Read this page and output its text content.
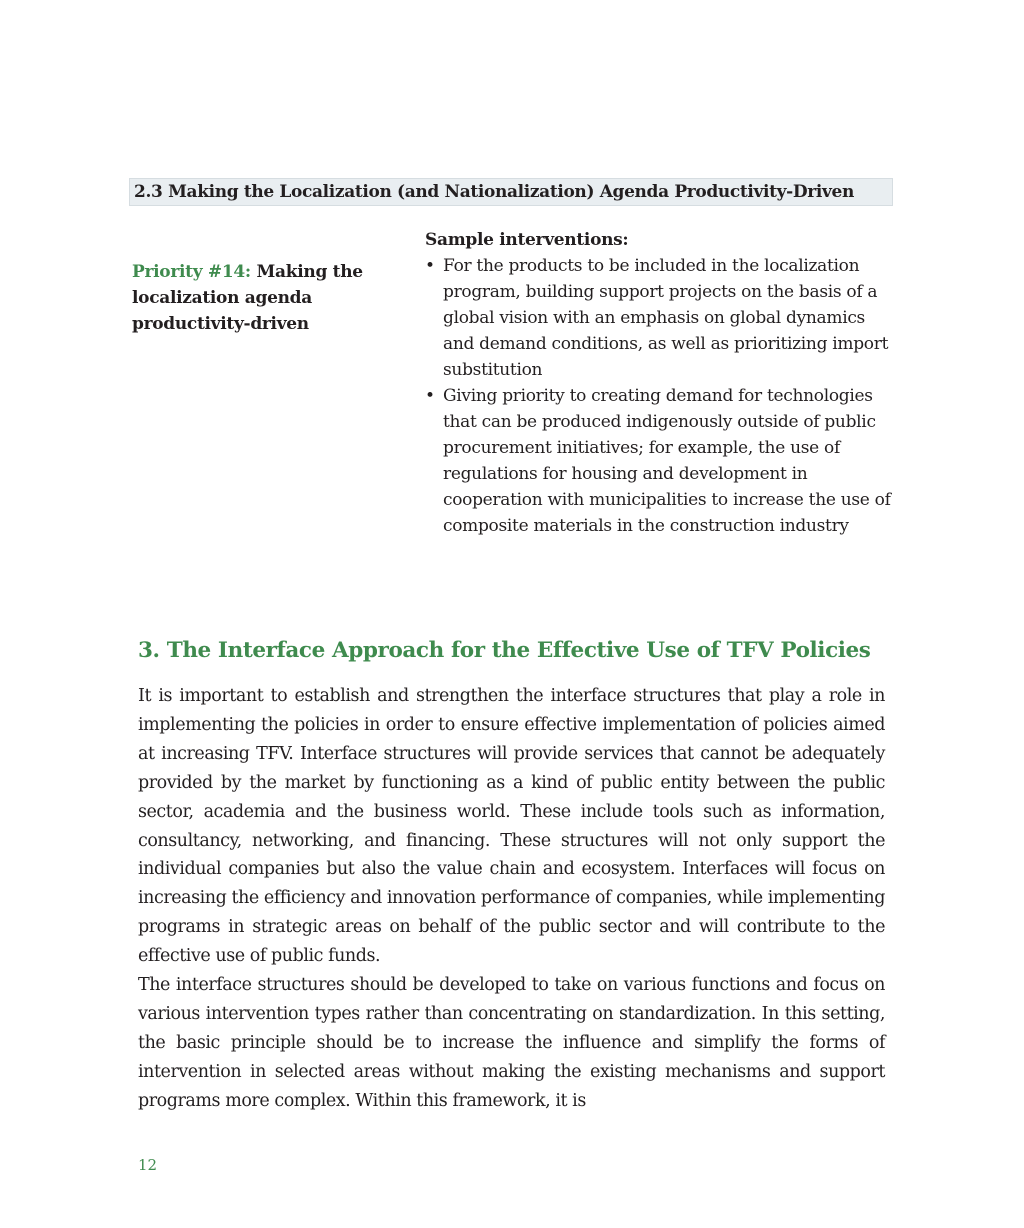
2.3 Making the Localization (and Nationalization) Agenda Productivity-Driven
Priority #14: Making the localization agenda productivity-driven

Sample interventions:

• For the products to be included in the localization program, building support projects on the basis of a global vision with an emphasis on global dynamics and demand conditions, as well as prioritizing import substitution
• Giving priority to creating demand for technologies that can be produced indigenously outside of public procurement initiatives; for example, the use of regulations for housing and development in cooperation with municipalities to increase the use of composite materials in the construction industry
3. The Interface Approach for the Effective Use of TFV Policies

It is important to establish and strengthen the interface structures that play a role in implementing the policies in order to ensure effective implementation of policies aimed at increasing TFV. Interface structures will provide services that cannot be adequately provided by the market by functioning as a kind of public entity between the public sector, academia and the business world. These include tools such as information, consultancy, networking, and financing. These structures will not only support the individual companies but also the value chain and ecosystem. Interfaces will focus on increasing the efficiency and innovation performance of companies, while implementing programs in strategic areas on behalf of the public sector and will contribute to the effective use of public funds.

The interface structures should be developed to take on various functions and focus on various intervention types rather than concentrating on standardization. In this setting, the basic principle should be to increase the influence and simplify the forms of intervention in selected areas without making the existing mechanisms and support programs more complex. Within this framework, it is

12
